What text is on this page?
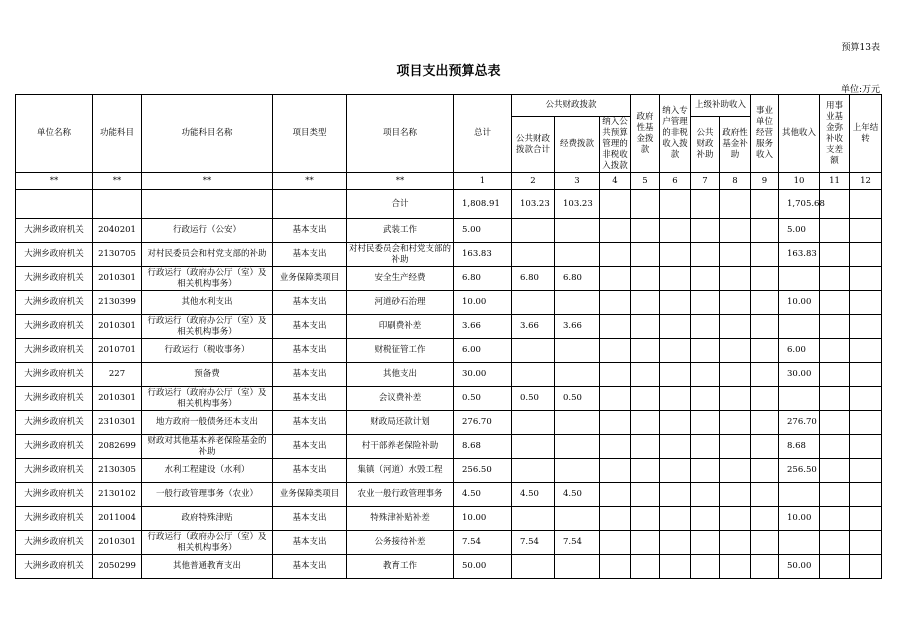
预算13表
项目支出预算总表
单位:万元
单位名称	功能科目	功能科目名称	项目类型	项目名称	总计	公共财政拨款			政府性基金拨款	纳入专户管理的非税收入拨款	上级补助收入		事业单位经营服务收入	其他收入	用事业基金弥补收支差额	上年结转
						公共财政拨款合计	经费拨款	纳入公共预算管理的非税收入拨款			公共财政补助	政府性基金补助				
**	**	**	**	**	1	2	3	4	5	6	7	8	9	10	11	12
				合计	1,808.91	103.23	103.23							1,705.68		
大洲乡政府机关	2040201	行政运行（公安）	基本支出	武装工作	5.00									5.00		
大洲乡政府机关	2130705	对村民委员会和村党支部的补助	基本支出	对村民委员会和村党支部的补助	163.83									163.83		
大洲乡政府机关	2010301	行政运行（政府办公厅（室）及相关机构事务）	业务保障类项目	安全生产经费	6.80	6.80	6.80									
大洲乡政府机关	2130399	其他水利支出	基本支出	河道砂石治理	10.00									10.00		
大洲乡政府机关	2010301	行政运行（政府办公厅（室）及相关机构事务）	基本支出	印刷费补差	3.66	3.66	3.66									
大洲乡政府机关	2010701	行政运行（税收事务）	基本支出	财税征管工作	6.00									6.00		
大洲乡政府机关	227	预备费	基本支出	其他支出	30.00									30.00		
大洲乡政府机关	2010301	行政运行（政府办公厅（室）及相关机构事务）	基本支出	会议费补差	0.50	0.50	0.50									
大洲乡政府机关	2310301	地方政府一般债务还本支出	基本支出	财政局还款计划	276.70									276.70		
大洲乡政府机关	2082699	财政对其他基本养老保险基金的补助	基本支出	村干部养老保险补助	8.68									8.68		
大洲乡政府机关	2130305	水利工程建设（水利）	基本支出	集镇（河道）水毁工程	256.50									256.50		
大洲乡政府机关	2130102	一般行政管理事务（农业）	业务保障类项目	农业一般行政管理事务	4.50	4.50	4.50									
大洲乡政府机关	2011004	政府特殊津贴	基本支出	特殊津补贴补差	10.00									10.00		
大洲乡政府机关	2010301	行政运行（政府办公厅（室）及相关机构事务）	基本支出	公务接待补差	7.54	7.54	7.54									
大洲乡政府机关	2050299	其他普通教育支出	基本支出	教育工作	50.00									50.00		
